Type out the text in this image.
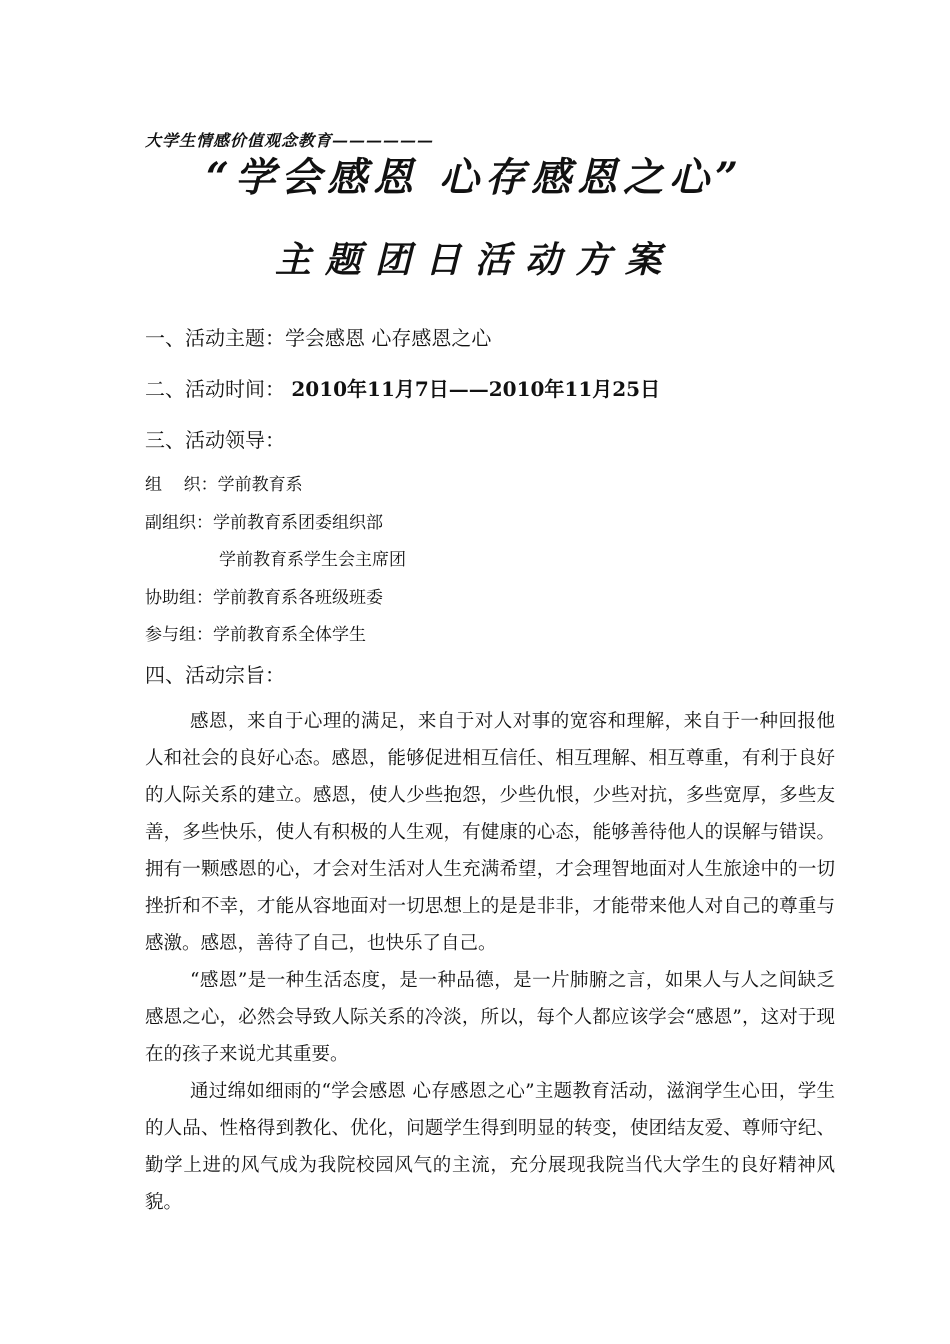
大学生情感价值观念教育——————
“学会感恩 心存感恩之心”
主题团日活动方案
一、活动主题：学会感恩 心存感恩之心
二、活动时间： 2010年11月7日——2010年11月25日
三、活动领导：
组    织：学前教育系
副组织：学前教育系团委组织部
学前教育系学生会主席团
协助组：学前教育系各班级班委
参与组：学前教育系全体学生
四、活动宗旨：
感恩，来自于心理的满足，来自于对人对事的宽容和理解，来自于一种回报他人和社会的良好心态。感恩，能够促进相互信任、相互理解、相互尊重，有利于良好的人际关系的建立。感恩，使人少些抱怨，少些仇恨，少些对抗，多些宽厚，多些友善，多些快乐，使人有积极的人生观，有健康的心态，能够善待他人的误解与错误。拥有一颗感恩的心，才会对生活对人生充满希望，才会理智地面对人生旅途中的一切挫折和不幸，才能从容地面对一切思想上的是是非非，才能带来他人对自己的尊重与感激。感恩，善待了自己，也快乐了自己。
“感恩”是一种生活态度，是一种品德，是一片肺腑之言，如果人与人之间缺乏感恩之心，必然会导致人际关系的冷淡，所以，每个人都应该学会“感恩”，这对于现在的孩子来说尤其重要。
通过绵如细雨的“学会感恩 心存感恩之心”主题教育活动，滋润学生心田，学生的人品、性格得到教化、优化，问题学生得到明显的转变，使团结友爱、尊师守纪、勤学上进的风气成为我院校园风气的主流，充分展现我院当代大学生的良好精神风貌。
